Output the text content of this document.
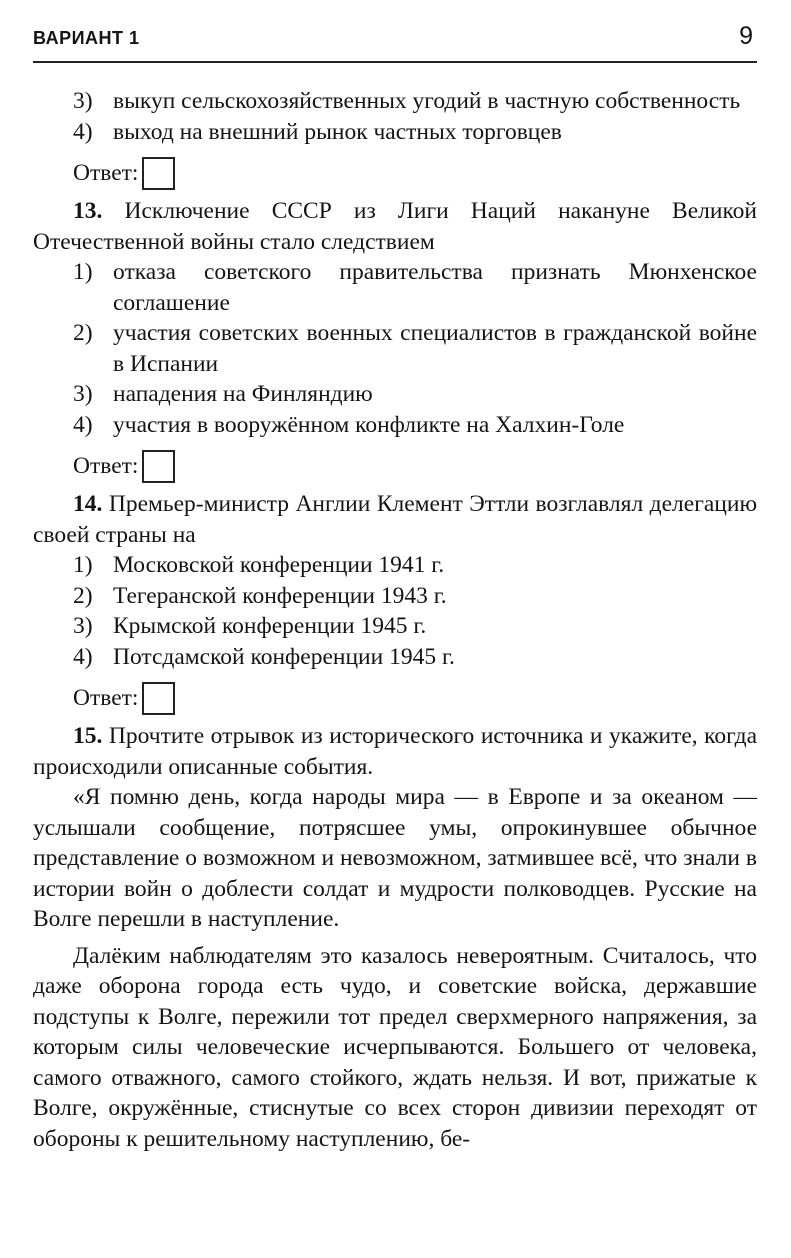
ВАРИАНТ 1	9
3) выкуп сельскохозяйственных угодий в частную собственность
4) выход на внешний рынок частных торговцев
Ответ:

13. Исключение СССР из Лиги Наций накануне Великой Отечественной войны стало следствием

1) отказа советского правительства признать Мюнхенское соглашение
2) участия советских военных специалистов в гражданской войне в Испании
3) нападения на Финляндию
4) участия в вооружённом конфликте на Халхин-Голе
Ответ:

14. Премьер-министр Англии Клемент Эттли возглавлял делегацию своей страны на

1) Московской конференции 1941 г.
2) Тегеранской конференции 1943 г.
3) Крымской конференции 1945 г.
4) Потсдамской конференции 1945 г.
Ответ:

15. Прочтите отрывок из исторического источника и укажите, когда происходили описанные события.

«Я помню день, когда народы мира — в Европе и за океаном — услышали сообщение, потрясшее умы, опрокинувшее обычное представление о возможном и невозможном, затмившее всё, что знали в истории войн о доблести солдат и мудрости полководцев. Русские на Волге перешли в наступление.

Далёким наблюдателям это казалось невероятным. Считалось, что даже оборона города есть чудо, и советские войска, державшие подступы к Волге, пережили тот предел сверхмерного напряжения, за которым силы человеческие исчерпываются. Большего от человека, самого отважного, самого стойкого, ждать нельзя. И вот, прижатые к Волге, окружённые, стиснутые со всех сторон дивизии переходят от обороны к решительному наступлению, бе-
